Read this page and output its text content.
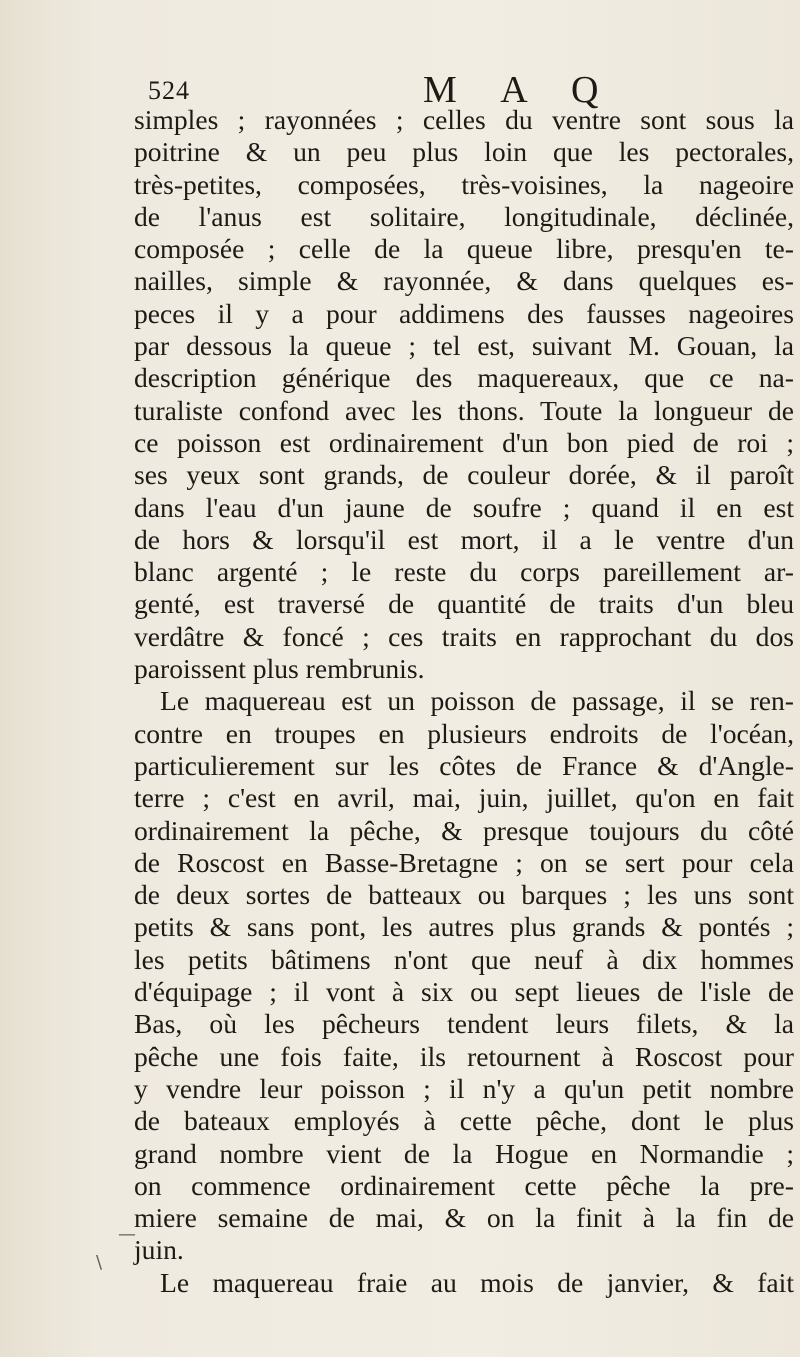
524	M A Q
simples ; rayonnées ; celles du ventre sont sous la
poitrine & un peu plus loin que les pectorales,
très-petites, composées, très-voisines, la nageoire
de l'anus est solitaire, longitudinale, déclinée,
composée ; celle de la queue libre, presqu'en te-
nailles, simple & rayonnée, & dans quelques es-
peces il y a pour addimens des fausses nageoires
par dessous la queue ; tel est, suivant M. Gouan, la
description générique des maquereaux, que ce na-
turaliste confond avec les thons. Toute la longueur de
ce poisson est ordinairement d'un bon pied de roi ;
ses yeux sont grands, de couleur dorée, & il paroît
dans l'eau d'un jaune de soufre ; quand il en est
de hors & lorsqu'il est mort, il a le ventre d'un
blanc argenté ; le reste du corps pareillement ar-
genté, est traversé de quantité de traits d'un bleu
verdâtre & foncé ; ces traits en rapprochant du dos
paroissent plus rembrunis.
Le maquereau est un poisson de passage, il se ren-
contre en troupes en plusieurs endroits de l'océan,
particulierement sur les côtes de France & d'Angle-
terre ; c'est en avril, mai, juin, juillet, qu'on en fait
ordinairement la pêche, & presque toujours du côté
de Roscost en Basse-Bretagne ; on se sert pour cela
de deux sortes de batteaux ou barques ; les uns sont
petits & sans pont, les autres plus grands & pontés ;
les petits bâtimens n'ont que neuf à dix hommes
d'équipage ; il vont à six ou sept lieues de l'isle de
Bas, où les pêcheurs tendent leurs filets, & la
pêche une fois faite, ils retournent à Roscost pour
y vendre leur poisson ; il n'y a qu'un petit nombre
de bateaux employés à cette pêche, dont le plus
grand nombre vient de la Hogue en Normandie ;
on commence ordinairement cette pêche la pre-
miere semaine de mai, & on la finit à la fin de
juin.
Le maquereau fraie au mois de janvier, & fait
—
\
